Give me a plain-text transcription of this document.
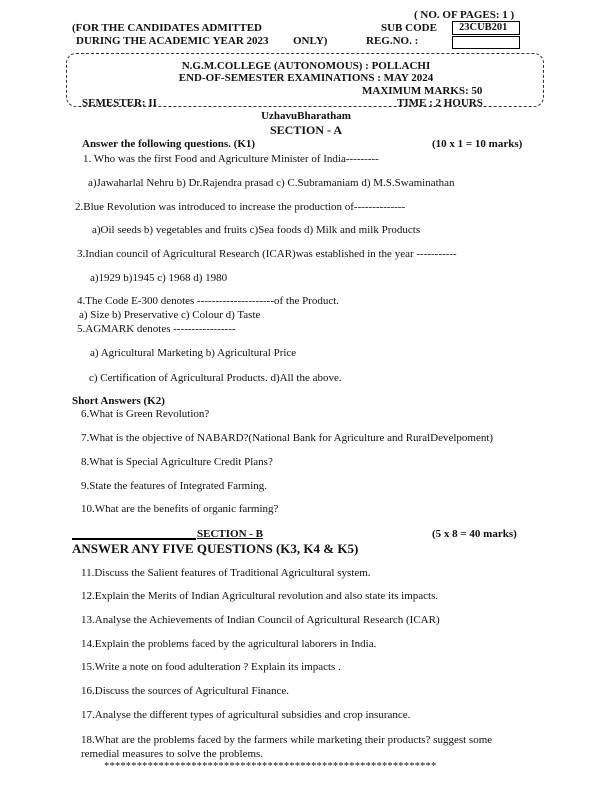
( NO. OF PAGES: 1 )
(FOR THE CANDIDATES ADMITTED
DURING THE ACADEMIC YEAR 2023 ONLY)
SUB CODE	23CUB201
REG.NO. :
N.G.M.COLLEGE (AUTONOMOUS) : POLLACHI
END-OF-SEMESTER EXAMINATIONS : MAY 2024
MAXIMUM MARKS: 50
SEMESTER: II	TIME : 2 HOURS
UzhavuBharatham
SECTION - A
Answer the following questions. (K1)	(10 x 1 = 10 marks)
1. Who was the first Food and Agriculture Minister of India---------
a)Jawaharlal Nehru b) Dr.Rajendra prasad c) C.Subramaniam d) M.S.Swaminathan
2.Blue Revolution was introduced to increase the production of--------------
a)Oil seeds b) vegetables and fruits c)Sea foods d) Milk and milk Products
3.Indian council of Agricultural Research (ICAR)was established in the year -----------
a)1929 b)1945 c) 1968 d) 1980
4.The Code E-300 denotes ---------------------of the Product.
a) Size b) Preservative c) Colour d) Taste
5.AGMARK denotes -----------------
a) Agricultural Marketing b) Agricultural Price
c) Certification of Agricultural Products. d)All the above.
Short Answers (K2)
6.What is Green Revolution?
7.What is the objective of NABARD?(National Bank for Agriculture and RuralDevelpoment)
8.What is Special Agriculture Credit Plans?
9.State the features of Integrated Farming.
10.What are the benefits of organic farming?
SECTION - B	(5 x 8 = 40 marks)
ANSWER ANY FIVE QUESTIONS (K3, K4 & K5)
11.Discuss the Salient features of Traditional Agricultural system.
12.Explain the Merits of Indian Agricultural revolution and also state its impacts.
13.Analyse the Achievements of Indian Council of Agricultural Research (ICAR)
14.Explain the problems faced by the agricultural laborers in India.
15.Write a note on food adulteration ? Explain its impacts .
16.Discuss the sources of Agricultural Finance.
17.Analyse the different types of agricultural subsidies and crop insurance.
18.What are the problems faced by the farmers while marketing their products? suggest some
remedial measures to solve the problems.
*************************************************************
